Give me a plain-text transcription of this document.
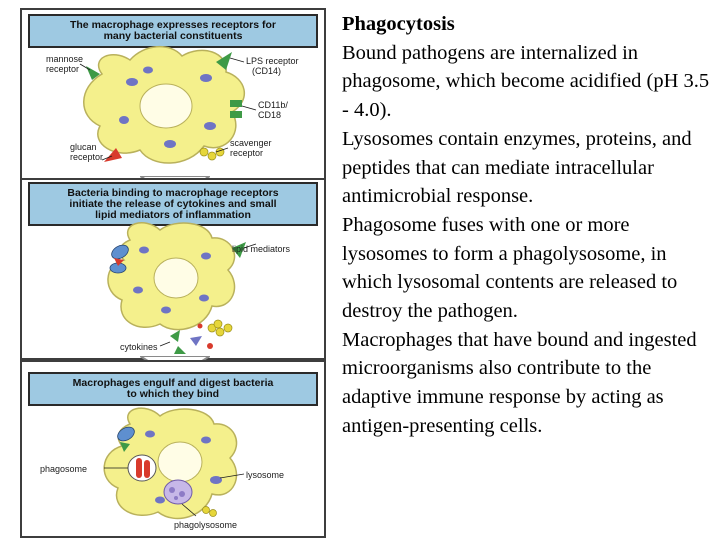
The macrophage expresses receptors for
many bacterial constituents
mannose
receptor
LPS receptor
(CD14)
CD11b/
CD18
glucan
receptor
scavenger
receptor
Bacteria binding to macrophage receptors
initiate the release of cytokines and small
lipid mediators of inflammation
lipid mediators
cytokines
Macrophages engulf and digest bacteria
to which they bind
lysosome
phagosome
phagolysosome
Phagocytosis
Bound pathogens are internalized in phagosome, which become acidified (pH 3.5 - 4.0).
Lysosomes contain enzymes, proteins, and peptides that can mediate intracellular antimicrobial response.
Phagosome fuses with one or more lysosomes to form a phagolysosome, in which lysosomal contents are released to destroy the pathogen.
Macrophages that have bound and ingested microorganisms also contribute to the adaptive immune response by acting as antigen-presenting cells.
